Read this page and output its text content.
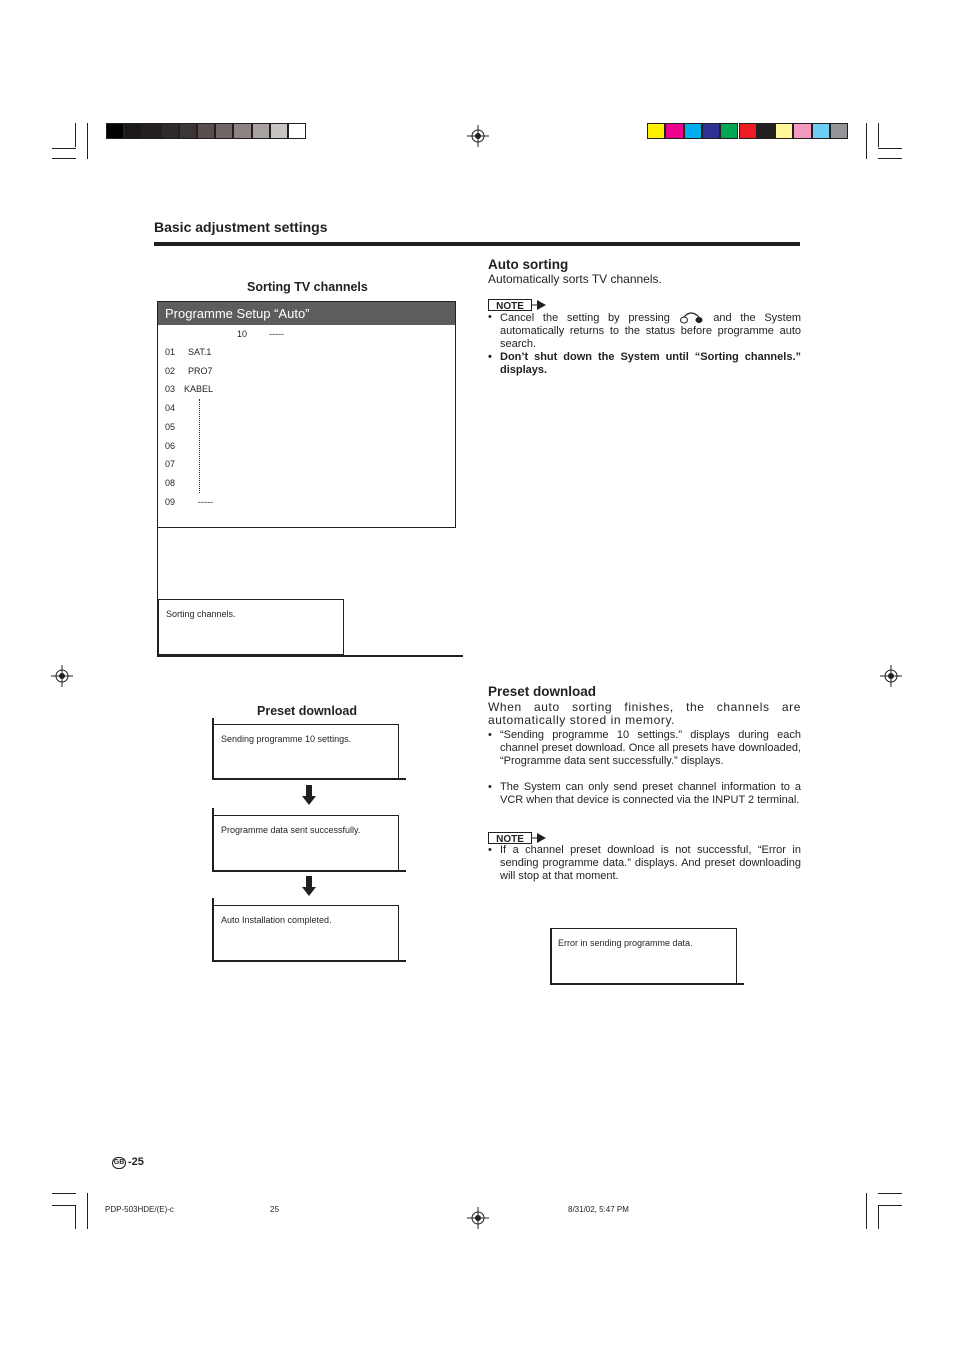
Basic adjustment settings
Sorting TV channels
Programme Setup “Auto”
10 -----
01 SAT.1
02 PRO7
03 KABEL
04
05
06
07
08
09	-----
Sorting channels.
Preset download
Sending programme 10 settings.
Programme data sent successfully.
Auto Installation completed.
Auto sorting
Automatically sorts TV channels.
NOTE
• Cancel the setting by pressing	and the System automatically returns to the status before programme auto search.
• Don’t shut down the System until “Sorting channels.” displays.
Preset download
When auto sorting finishes, the channels are automatically stored in memory.
• “Sending programme 10 settings.” displays during each channel preset download. Once all presets have downloaded, “Programme data sent successfully.” displays.
• The System can only send preset channel information to a VCR when that device is connected via the INPUT 2 terminal.
NOTE
• If a channel preset download is not successful, “Error in sending programme data.” displays. And preset downloading will stop at that moment.
Error in sending programme data.
GB -25
PDP-503HDE/(E)-c	25	8/31/02, 5:47 PM
